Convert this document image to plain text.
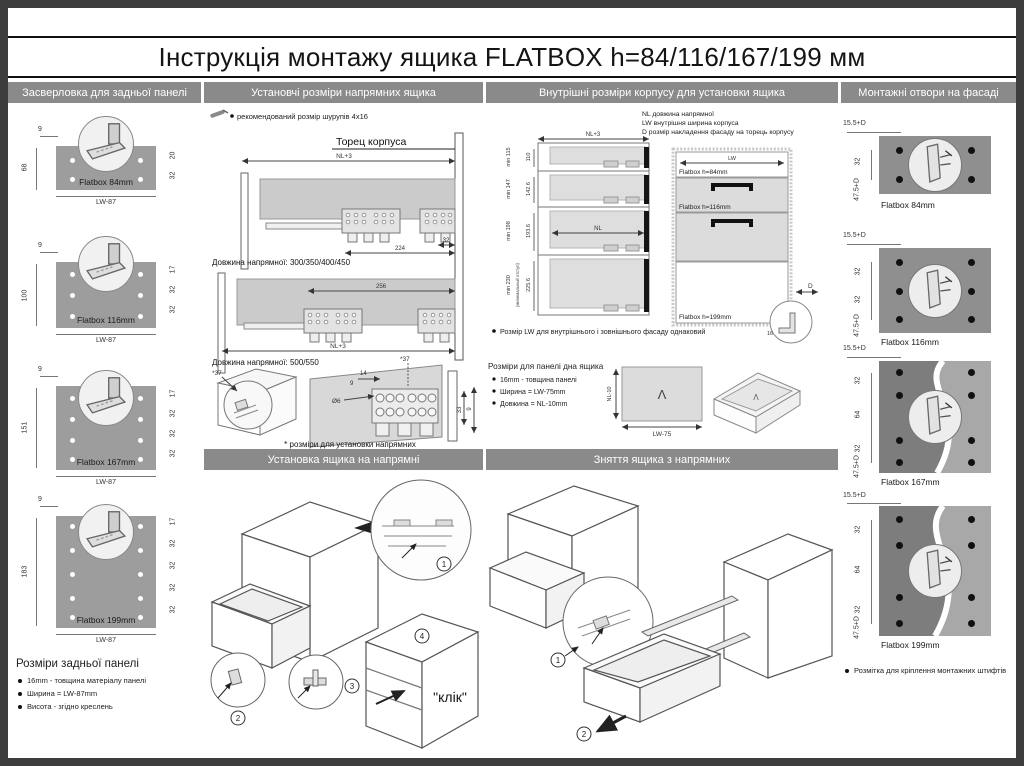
Інструкція монтажу ящика FLATBOX h=84/116/167/199 мм
Засверловка для задньої панелі	Установчі розміри напрямних ящика	Внутрішні розміри корпусу для установки ящика	Монтажні отвори на фасаді
Установка ящика на напрямні	Зняття ящика з напрямних
9
68
Flatbox 84mm
LW-87
20
32
9
100
Flatbox 116mm
LW-87
17
32
32
9
151
Flatbox 167mm
LW-87
17
32
32
32
9
183
Flatbox 199mm
LW-87
17
32
32
32
32
Розміри задньої панелі
16mm - товщина матеріалу панелі
Ширина = LW-87mm
Висота - згідно креслень
рекомендований розмір шурупів 4x16
Торец корпуса
NL+3
32
224
Довжина напрямної: 300/350/400/450
256
NL+3
Довжина напрямної: 500/550
*37
*37
14
9
Ø6
33 9
* розміри для установки напрямних
NL довжина напрямної
LW внутрішня ширина корпуса
D розмір накладення фасаду на торець корпусу
NL+3
NL
min 115
min 147
min 198
min 230 (минимальный отступ)
110
142.6
193.6
225.6
LW
Flatbox h=84mm
Flatbox h=116mm
Flatbox h=199mm
D
16
Розмір LW для внутрішнього і зовнішнього фасаду однаковий
Розміри для панелі дна ящика
16mm - товщина панелі
Ширина = LW-75mm
Довжина = NL-10mm
NL-10	Λ
LW-75
Λ
1
2
3
4
"клік"
1
2
15.5+D
32
47.5+D
Flatbox 84mm
15.5+D
32
32
47.5+D
Flatbox 116mm
15.5+D
32
64
32
47.5+D
Flatbox 167mm
15.5+D
32
64
32
47.5+D
Flatbox 199mm
Розмітка для кріплення монтажних штифтів
